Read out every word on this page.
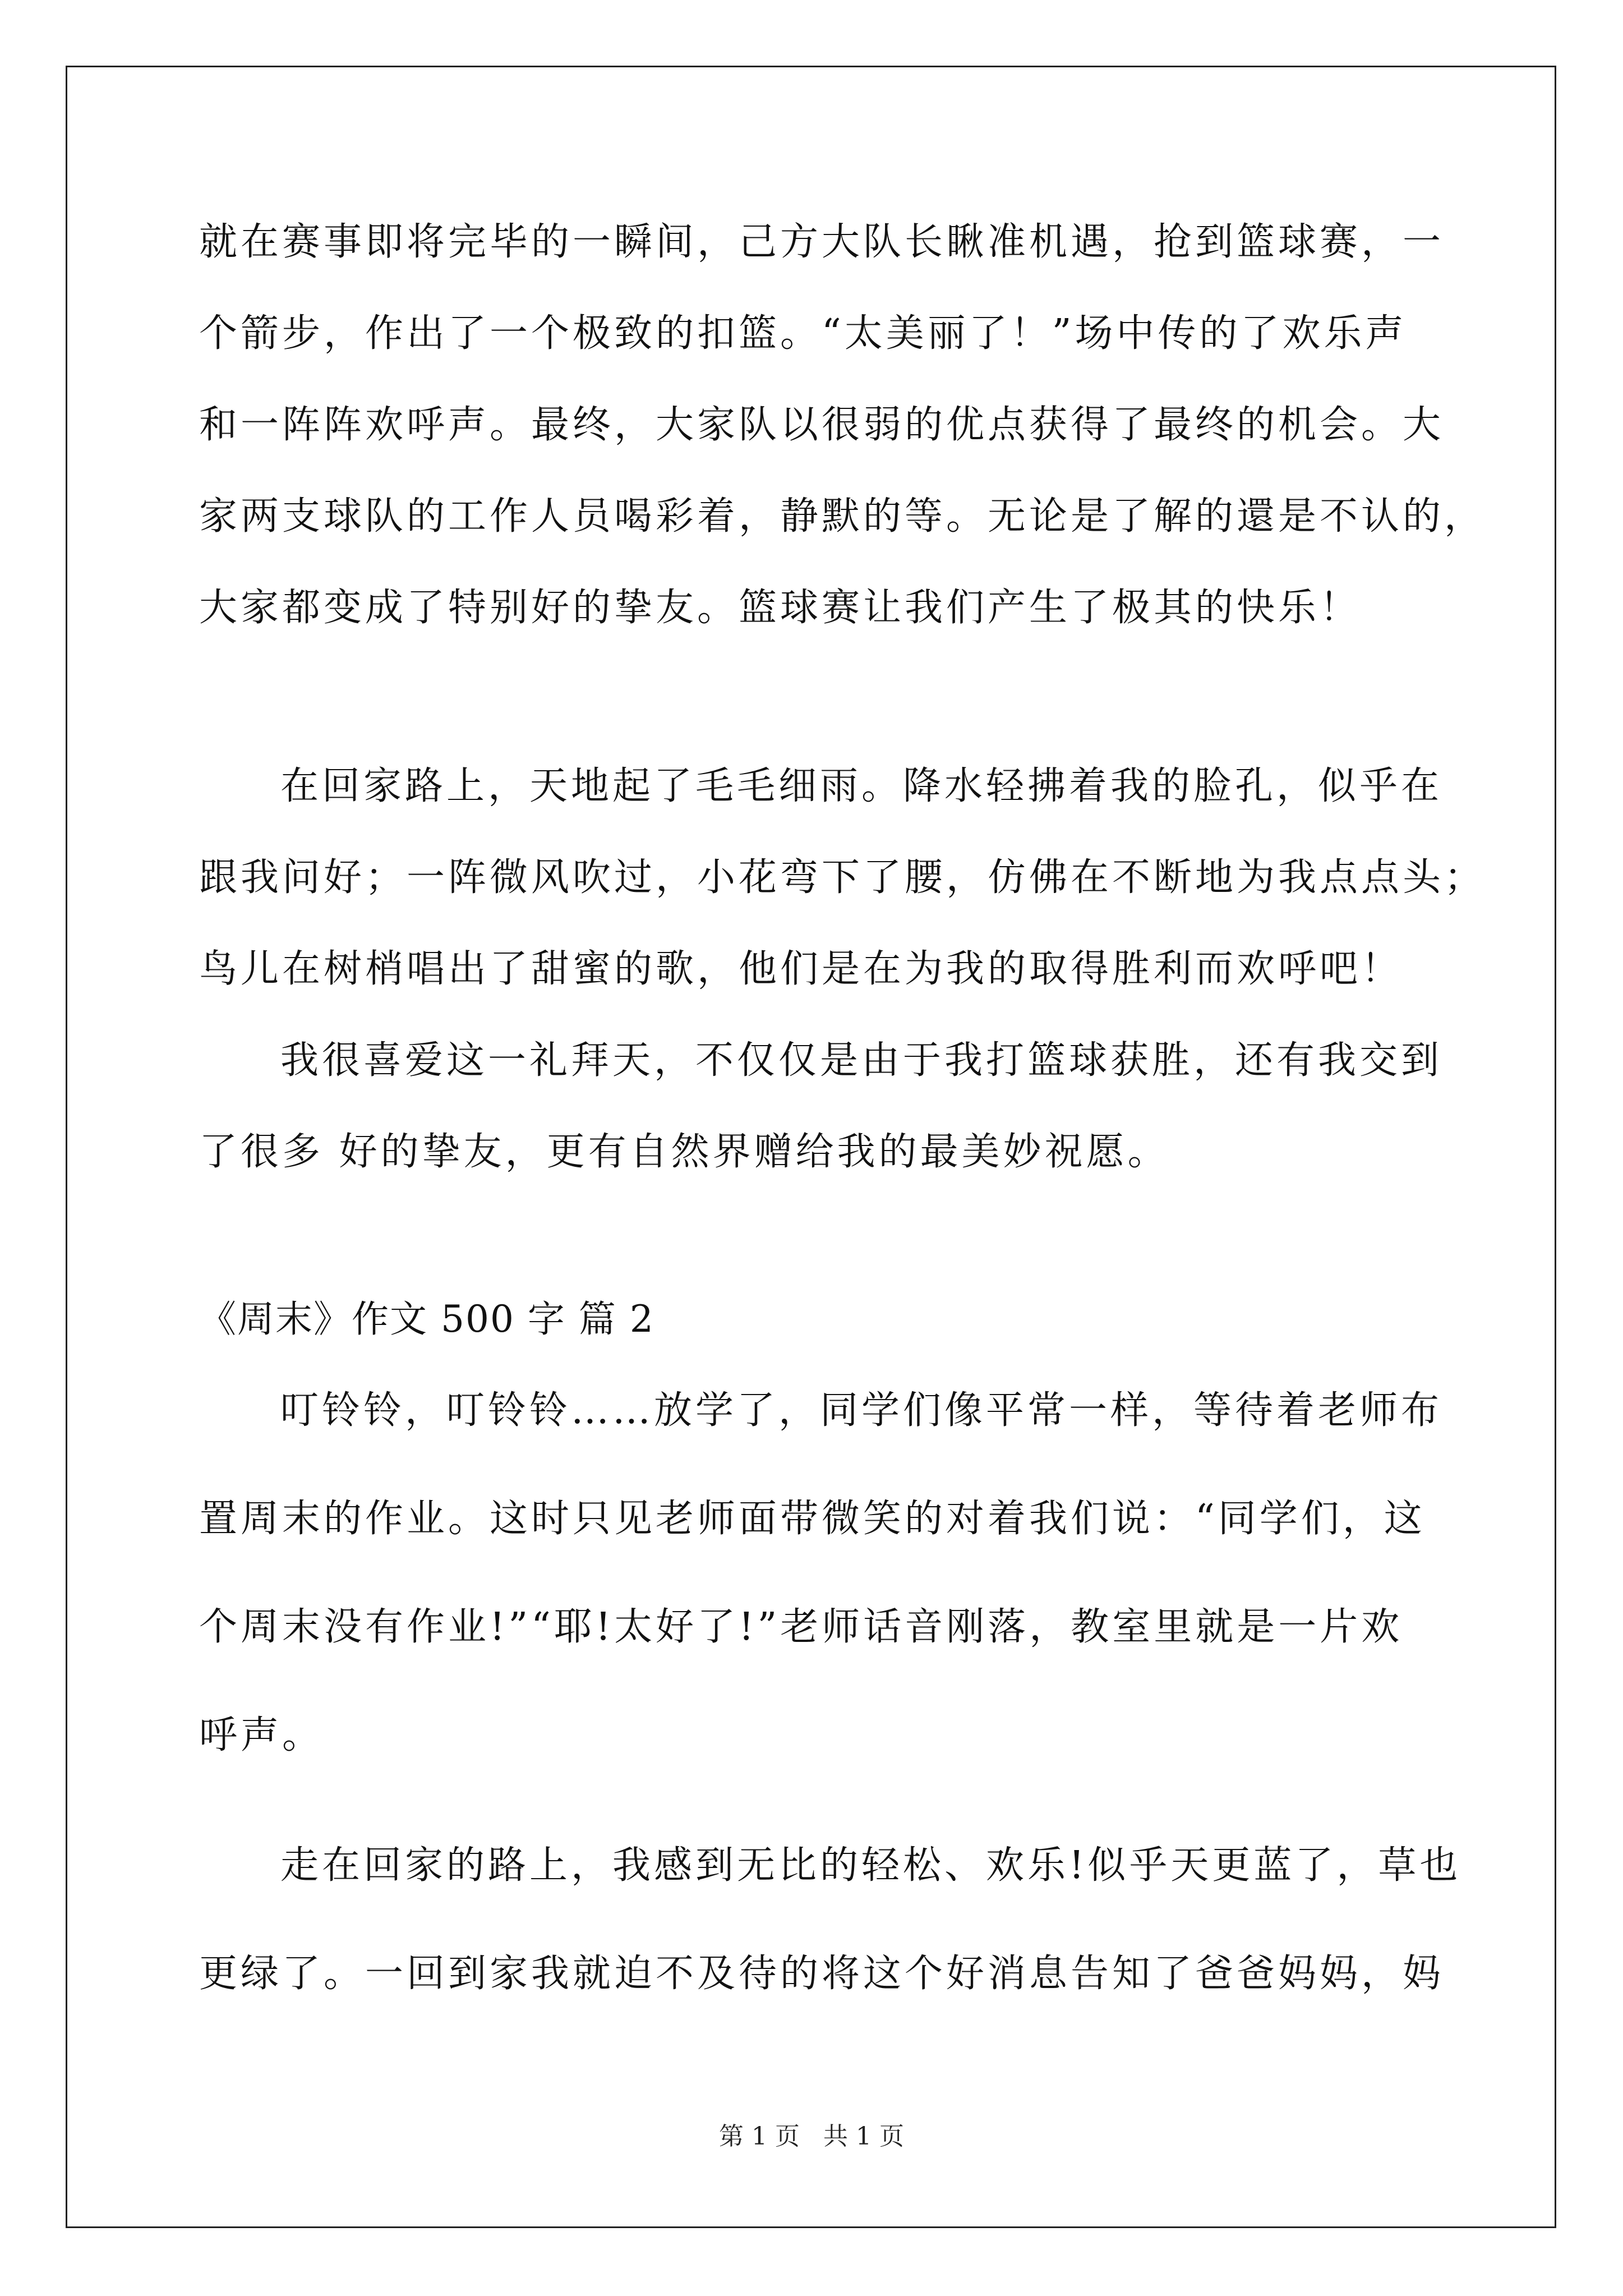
就在赛事即将完毕的一瞬间，己方大队长瞅准机遇，抢到篮球赛，一
个箭步，作出了一个极致的扣篮。“太美丽了！”场中传的了欢乐声
和一阵阵欢呼声。最终，大家队以很弱的优点获得了最终的机会。大
家两支球队的工作人员喝彩着，静默的等。无论是了解的還是不认的，
大家都变成了特别好的挚友。篮球赛让我们产生了极其的快乐！
在回家路上，天地起了毛毛细雨。降水轻拂着我的脸孔，似乎在
跟我问好；一阵微风吹过，小花弯下了腰，仿佛在不断地为我点点头；
鸟儿在树梢唱出了甜蜜的歌，他们是在为我的取得胜利而欢呼吧！
我很喜爱这一礼拜天，不仅仅是由于我打篮球获胜，还有我交到
了很多 好的挚友，更有自然界赠给我的最美妙祝愿。
《周末》作文 500 字 篇 2
叮铃铃，叮铃铃……放学了，同学们像平常一样，等待着老师布
置周末的作业。这时只见老师面带微笑的对着我们说：“同学们，这
个周末没有作业!”“耶!太好了!”老师话音刚落，教室里就是一片欢
呼声。
走在回家的路上，我感到无比的轻松、欢乐!似乎天更蓝了，草也
更绿了。一回到家我就迫不及待的将这个好消息告知了爸爸妈妈，妈
第 1 页   共 1 页
